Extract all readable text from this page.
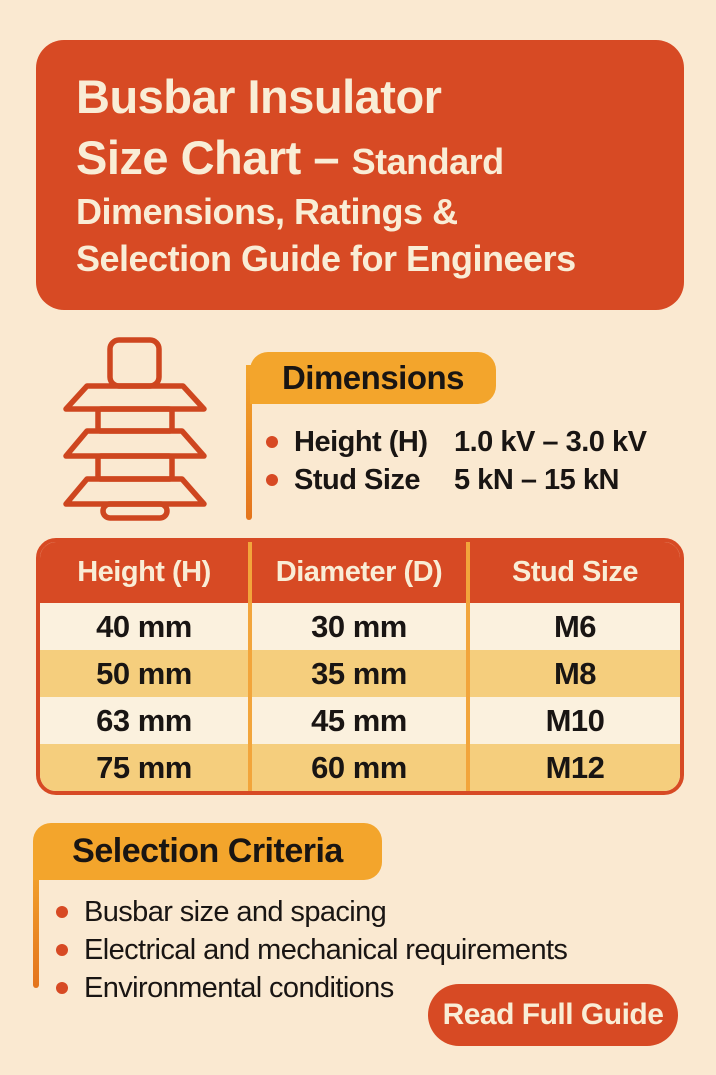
Busbar Insulator
Size Chart – Standard
Dimensions, Ratings &
Selection Guide for Engineers
Dimensions
Height (H) 1.0 kV – 3.0 kV
Stud Size	5 kN – 15 kN
Height (H)	Diameter (D)	Stud Size
40 mm	30 mm	M6
50 mm	35 mm	M8
63 mm	45 mm	M10
75 mm	60 mm	M12
Selection Criteria
Busbar size and spacing
Electrical and mechanical requirements
Environmental conditions
Read Full Guide
